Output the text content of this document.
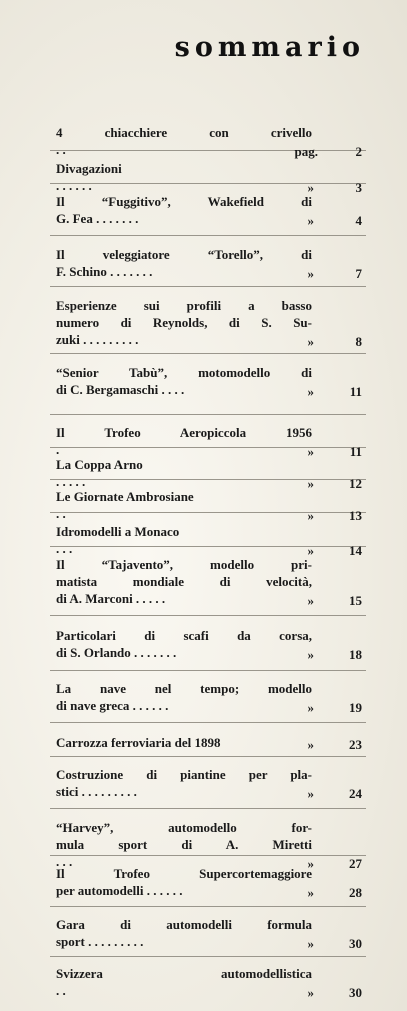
sommario
4 chiacchiere con crivello
. .	pag.	2
Divagazioni
. . . . . .	»	3
Il “Fuggitivo”, Wakefield di
G. Fea . . . . . . .	»	4
Il veleggiatore “Torello”, di
F. Schino . . . . . . .	»	7
Esperienze sui profili a basso
numero di Reynolds, di S. Su-
zuki . . . . . . . . .	»	8
“Senior Tabù”, motomodello di
di C. Bergamaschi . . . .	»	11
Il Trofeo Aeropiccola 1956
.	»	11
La Coppa Arno
. . . . .	»	12
Le Giornate Ambrosiane
. .	»	13
Idromodelli a Monaco
. . .	»	14
Il “Tajavento”, modello pri-
matista mondiale di velocità,
di A. Marconi . . . . .	»	15
Particolari di scafi da corsa,
di S. Orlando . . . . . . .	»	18
La nave nel tempo; modello
di nave greca . . . . . .	»	19
Carrozza ferroviaria del 1898	»	23
Costruzione di piantine per pla-
stici . . . . . . . . .	»	24
“Harvey”, automodello for-
mula sport di A. Miretti
. . .	»	27
Il Trofeo Supercortemaggiore
per automodelli . . . . . .	»	28
Gara di automodelli formula
sport . . . . . . . . .	»	30
Svizzera automodellistica
. .	»	30
